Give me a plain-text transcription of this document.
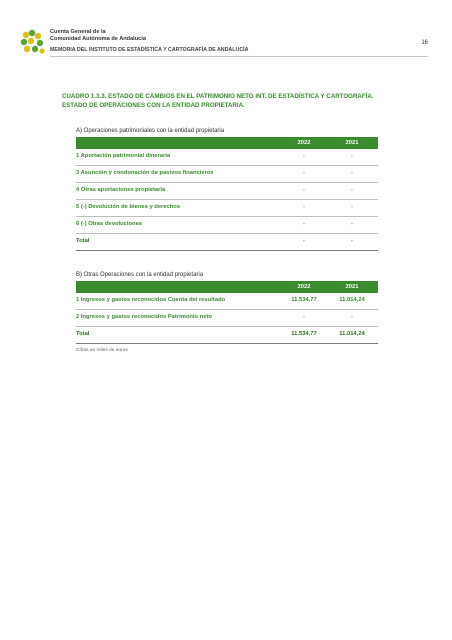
Cuenta General de la
Comunidad Autónoma de Andalucía
16
MEMORIA DEL INSTITUTO DE ESTADÍSTICA Y CARTOGRAFÍA DE ANDALUCÍA
CUADRO 1.3.3. ESTADO DE CAMBIOS EN EL PATRIMONIO NETO INT. DE ESTADÍSTICA Y CARTOGRAFÍA.
ESTADO DE OPERACIONES CON LA ENTIDAD PROPIETARIA.
A) Operaciones patrimoniales con la entidad propietaria
2022	2021
1 Aportación patrimonial dineraria	-	-
3 Asunción y condonación de pasivos financieros	-	-
4 Otras aportaciones propietaria	-	-
5 (-) Devolución de bienes y derechos	-	-
6 (-) Otras devoluciones	-	-
Total	-	-
B) Otras Operaciones con la entidad propietaria
2022	2021
1 Ingresos y gastos reconocidos Cuenta del resultado	11.534,77	11.014,24
2 Ingresos y gastos reconocidos Patrimonio neto	-	-
Total	11.534,77	11.014,24
Cifras en miles de euros
